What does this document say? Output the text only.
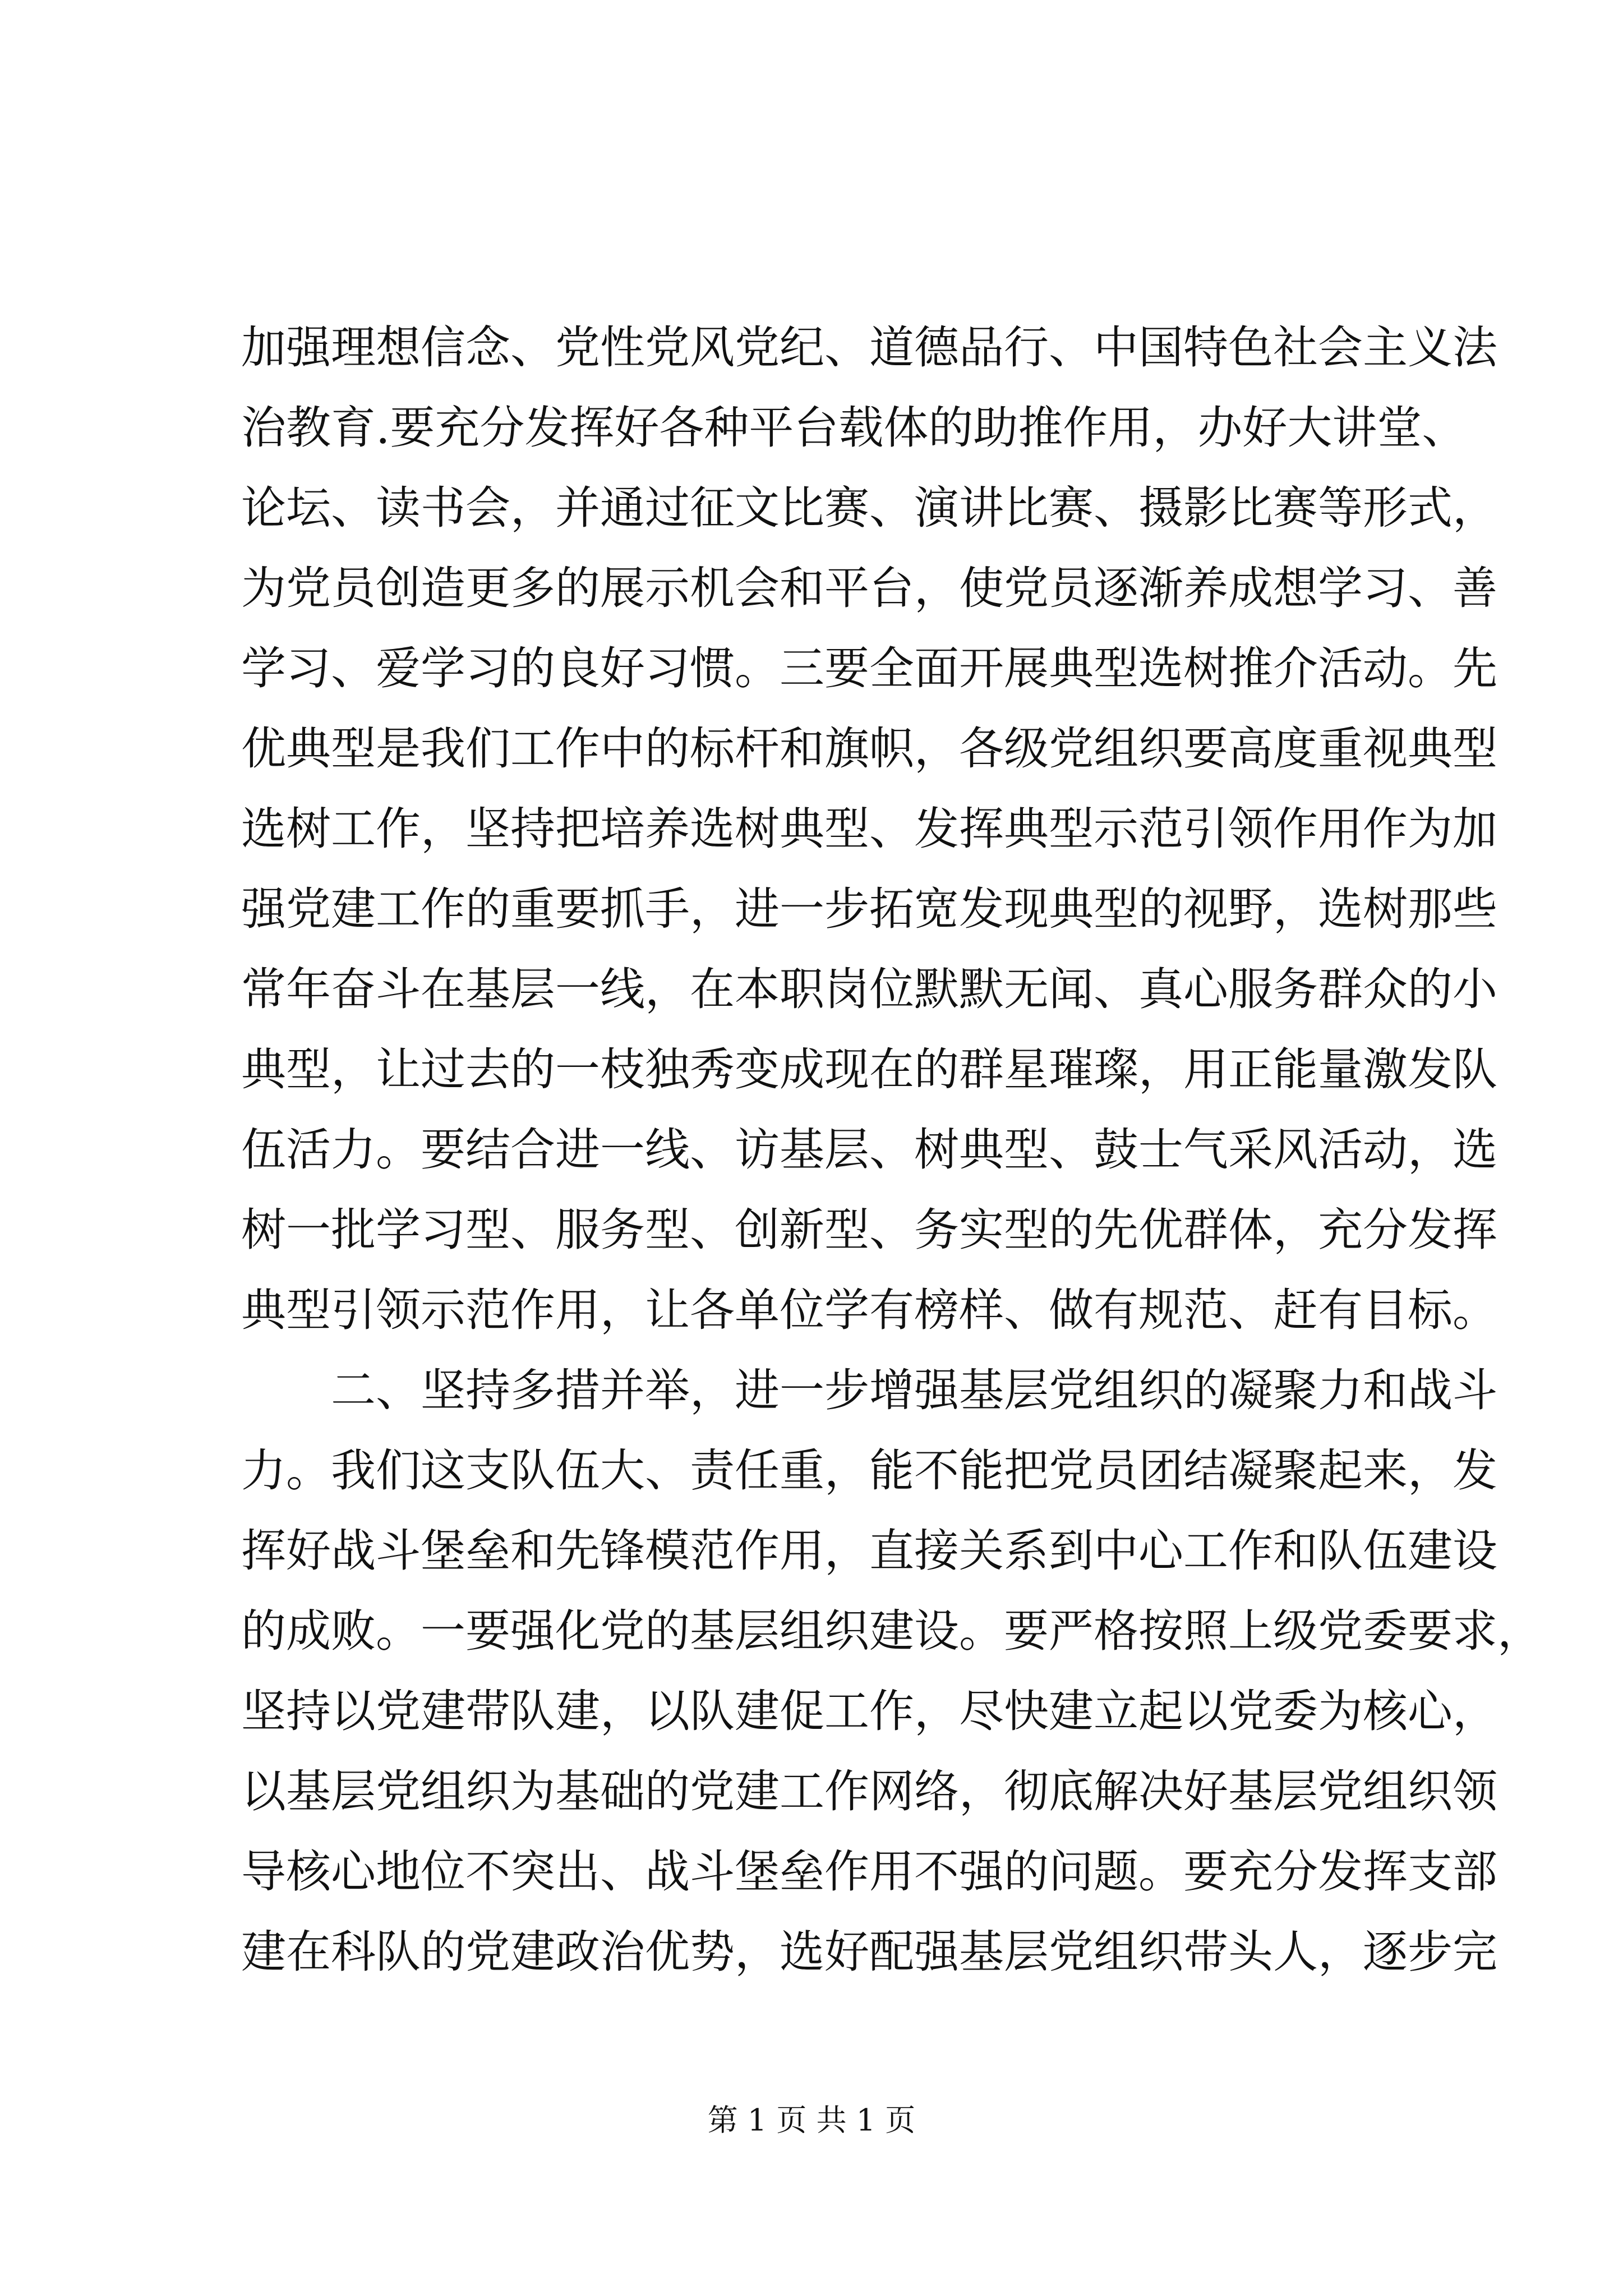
加强理想信念、党性党风党纪、道德品行、中国特色社会主义法
治教育.要充分发挥好各种平台载体的助推作用，办好大讲堂、
论坛、读书会，并通过征文比赛、演讲比赛、摄影比赛等形式，
为党员创造更多的展示机会和平台，使党员逐渐养成想学习、善
学习、爱学习的良好习惯。三要全面开展典型选树推介活动。先
优典型是我们工作中的标杆和旗帜，各级党组织要高度重视典型
选树工作，坚持把培养选树典型、发挥典型示范引领作用作为加
强党建工作的重要抓手，进一步拓宽发现典型的视野，选树那些
常年奋斗在基层一线，在本职岗位默默无闻、真心服务群众的小
典型，让过去的一枝独秀变成现在的群星璀璨，用正能量激发队
伍活力。要结合进一线、访基层、树典型、鼓士气采风活动，选
树一批学习型、服务型、创新型、务实型的先优群体，充分发挥
典型引领示范作用，让各单位学有榜样、做有规范、赶有目标。
二、坚持多措并举，进一步增强基层党组织的凝聚力和战斗
力。我们这支队伍大、责任重，能不能把党员团结凝聚起来，发
挥好战斗堡垒和先锋模范作用，直接关系到中心工作和队伍建设
的成败。一要强化党的基层组织建设。要严格按照上级党委要求，
坚持以党建带队建，以队建促工作，尽快建立起以党委为核心，
以基层党组织为基础的党建工作网络，彻底解决好基层党组织领
导核心地位不突出、战斗堡垒作用不强的问题。要充分发挥支部
建在科队的党建政治优势，选好配强基层党组织带头人，逐步完
第 1 页 共 1 页
